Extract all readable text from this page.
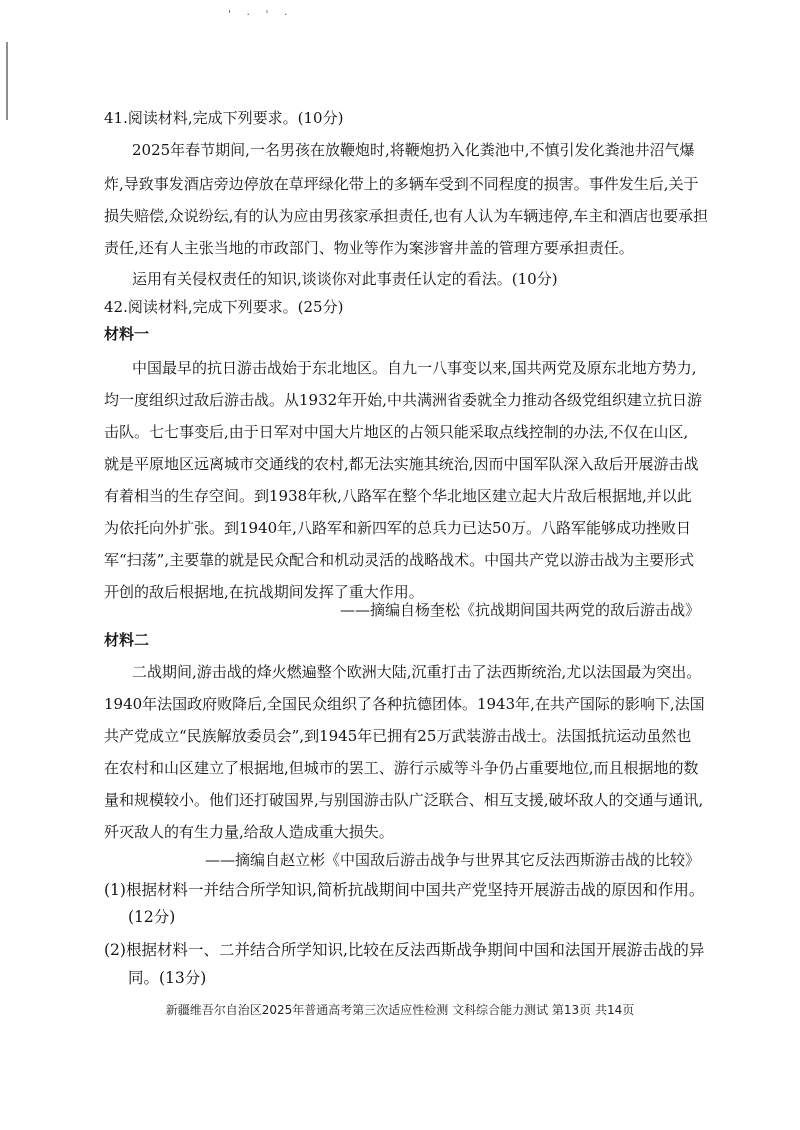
' · ' ·
41.阅读材料,完成下列要求。(10分)
2025年春节期间,一名男孩在放鞭炮时,将鞭炮扔入化粪池中,不慎引发化粪池井沼气爆
炸,导致事发酒店旁边停放在草坪绿化带上的多辆车受到不同程度的损害。事件发生后,关于
损失赔偿,众说纷纭,有的认为应由男孩家承担责任,也有人认为车辆违停,车主和酒店也要承担
责任,还有人主张当地的市政部门、物业等作为案涉窨井盖的管理方要承担责任。
运用有关侵权责任的知识,谈谈你对此事责任认定的看法。(10分)
42.阅读材料,完成下列要求。(25分)
材料一
中国最早的抗日游击战始于东北地区。自九一八事变以来,国共两党及原东北地方势力,
均一度组织过敌后游击战。从1932年开始,中共满洲省委就全力推动各级党组织建立抗日游
击队。七七事变后,由于日军对中国大片地区的占领只能采取点线控制的办法,不仅在山区,
就是平原地区远离城市交通线的农村,都无法实施其统治,因而中国军队深入敌后开展游击战
有着相当的生存空间。到1938年秋,八路军在整个华北地区建立起大片敌后根据地,并以此
为依托向外扩张。到1940年,八路军和新四军的总兵力已达50万。八路军能够成功挫败日
军“扫荡”,主要靠的就是民众配合和机动灵活的战略战术。中国共产党以游击战为主要形式
开创的敌后根据地,在抗战期间发挥了重大作用。
——摘编自杨奎松《抗战期间国共两党的敌后游击战》
材料二
二战期间,游击战的烽火燃遍整个欧洲大陆,沉重打击了法西斯统治,尤以法国最为突出。
1940年法国政府败降后,全国民众组织了各种抗德团体。1943年,在共产国际的影响下,法国
共产党成立“民族解放委员会”,到1945年已拥有25万武装游击战士。法国抵抗运动虽然也
在农村和山区建立了根据地,但城市的罢工、游行示威等斗争仍占重要地位,而且根据地的数
量和规模较小。他们还打破国界,与别国游击队广泛联合、相互支援,破坏敌人的交通与通讯,
歼灭敌人的有生力量,给敌人造成重大损失。
——摘编自赵立彬《中国敌后游击战争与世界其它反法西斯游击战的比较》
(1)根据材料一并结合所学知识,简析抗战期间中国共产党坚持开展游击战的原因和作用。
(12分)
(2)根据材料一、二并结合所学知识,比较在反法西斯战争期间中国和法国开展游击战的异
同。(13分)
新疆维吾尔自治区2025年普通高考第三次适应性检测 文科综合能力测试 第13页 共14页
